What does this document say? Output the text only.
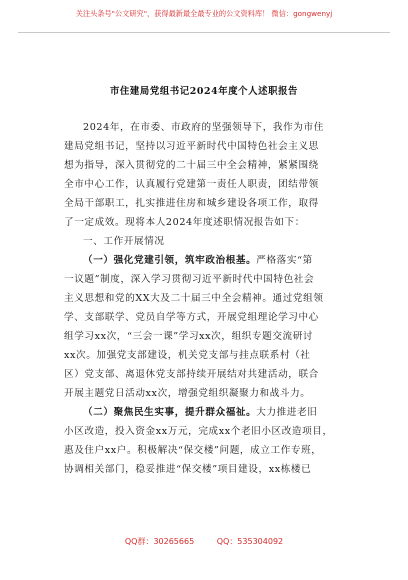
关注头条号"公文研究"，获得最新最全最专业的公文资料库！ 微信：gongwenyj
市住建局党组书记2024年度个人述职报告
2024年，在市委、市政府的坚强领导下，我作为市住
建局党组书记，坚持以习近平新时代中国特色社会主义思
想为指导，深入贯彻党的二十届三中全会精神，紧紧围绕
全市中心工作，认真履行党建第一责任人职责，团结带领
全局干部职工，扎实推进住房和城乡建设各项工作，取得
了一定成效。现将本人2024年度述职情况报告如下：
一、工作开展情况
（一）强化党建引领，筑牢政治根基。严格落实“第
一议题”制度，深入学习贯彻习近平新时代中国特色社会
主义思想和党的XX大及二十届三中全会精神。通过党组领
学、支部联学、党员自学等方式，开展党组理论学习中心
组学习xx次，“三会一课”学习xx次，组织专题交流研讨
xx次。加强党支部建设，机关党支部与挂点联系村（社
区）党支部、离退休党支部持续开展结对共建活动，联合
开展主题党日活动xx次，增强党组织凝聚力和战斗力。
（二）聚焦民生实事，提升群众福祉。大力推进老旧
小区改造，投入资金xx万元，完成xx个老旧小区改造项目，
惠及住户xx户。积极解决“保交楼”问题，成立工作专班，
协调相关部门，稳妥推进“保交楼”项目建设，xx栋楼已
QQ群：30265665	QQ：535304092
